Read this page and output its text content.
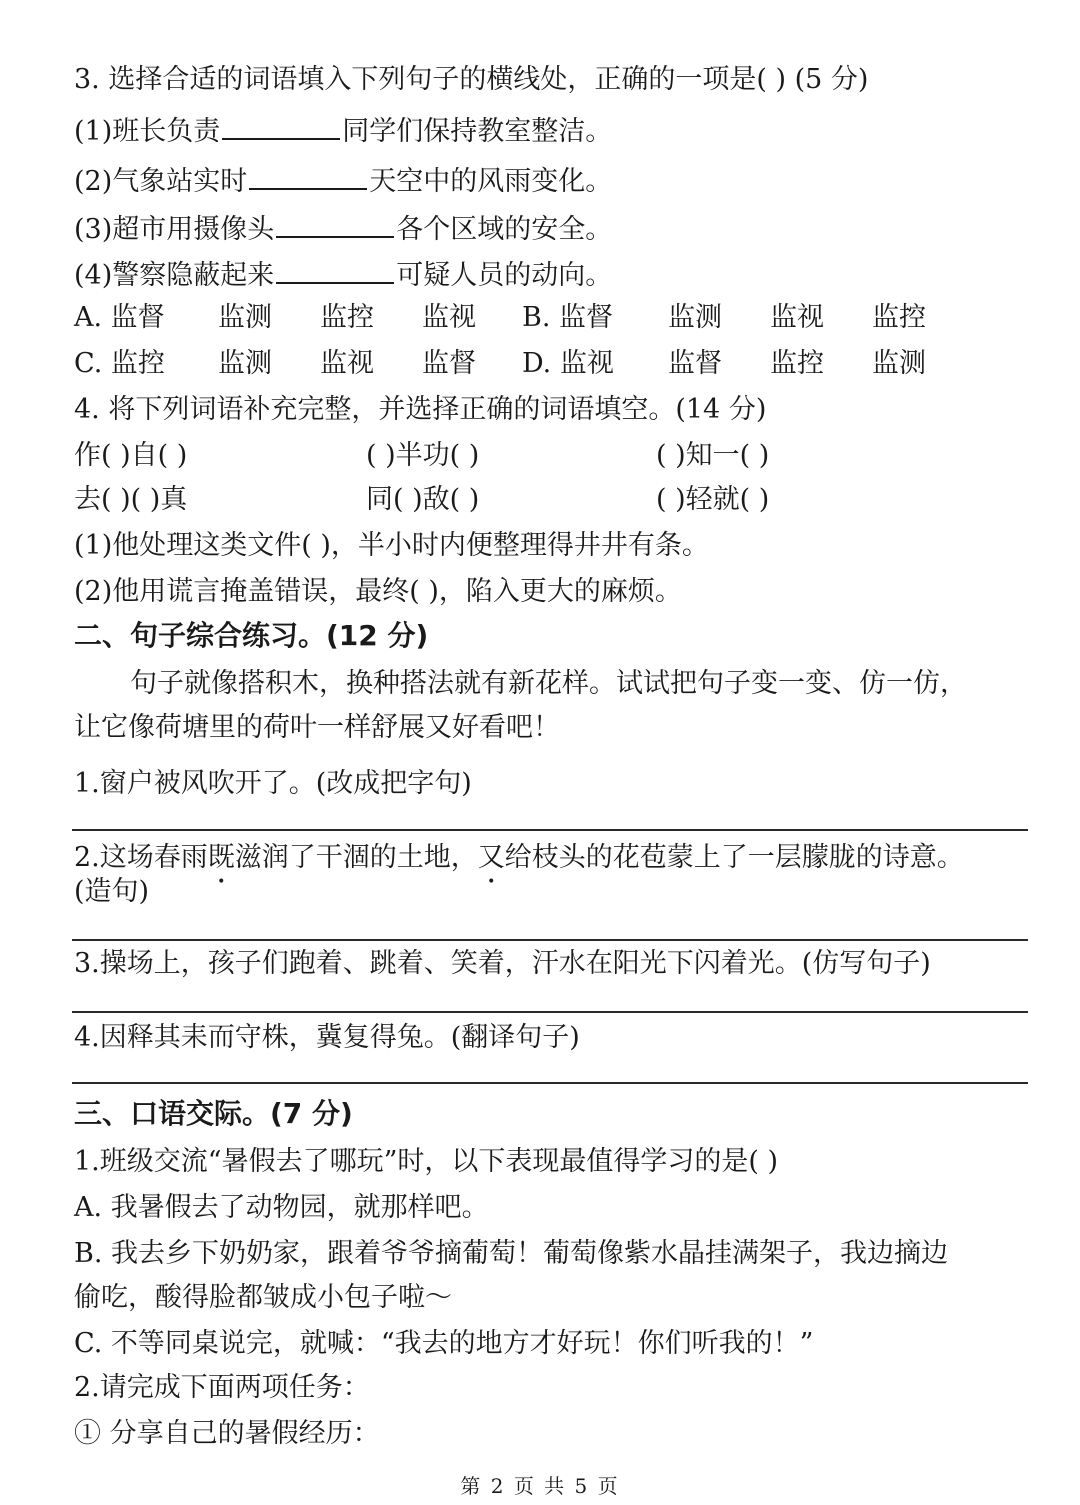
3. 选择合适的词语填入下列句子的横线处，正确的一项是( ) (5 分)
(1)班长负责	同学们保持教室整洁。
(2)气象站实时	天空中的风雨变化。
(3)超市用摄像头	各个区域的安全。
(4)警察隐蔽起来	可疑人员的动向。
A. 监督 监测 监控 监视 B. 监督 监测 监视 监控
C. 监控 监测 监视 监督 D. 监视 监督 监控 监测
4. 将下列词语补充完整，并选择正确的词语填空。(14 分)
作( )自( )	( )半功( )	( )知一( )
去( )( )真	同( )敌( )	( )轻就( )
(1)他处理这类文件( )，半小时内便整理得井井有条。
(2)他用谎言掩盖错误，最终( )，陷入更大的麻烦。
二、句子综合练习。(12 分)
句子就像搭积木，换种搭法就有新花样。试试把句子变一变、仿一仿，
让它像荷塘里的荷叶一样舒展又好看吧！
1.窗户被风吹开了。(改成把字句)
2.这场春雨既滋润了干涸的土地，又给枝头的花苞蒙上了一层朦胧的诗意。
(造句)
3.操场上，孩子们跑着、跳着、笑着，汗水在阳光下闪着光。(仿写句子)
4.因释其耒而守株，冀复得兔。(翻译句子)
三、口语交际。(7 分)
1.班级交流“暑假去了哪玩”时，以下表现最值得学习的是( )
A. 我暑假去了动物园，就那样吧。
B. 我去乡下奶奶家，跟着爷爷摘葡萄！葡萄像紫水晶挂满架子，我边摘边
偷吃，酸得脸都皱成小包子啦～
C. 不等同桌说完，就喊：“我去的地方才好玩！你们听我的！”
2.请完成下面两项任务：
① 分享自己的暑假经历：
第 2 页 共 5 页
